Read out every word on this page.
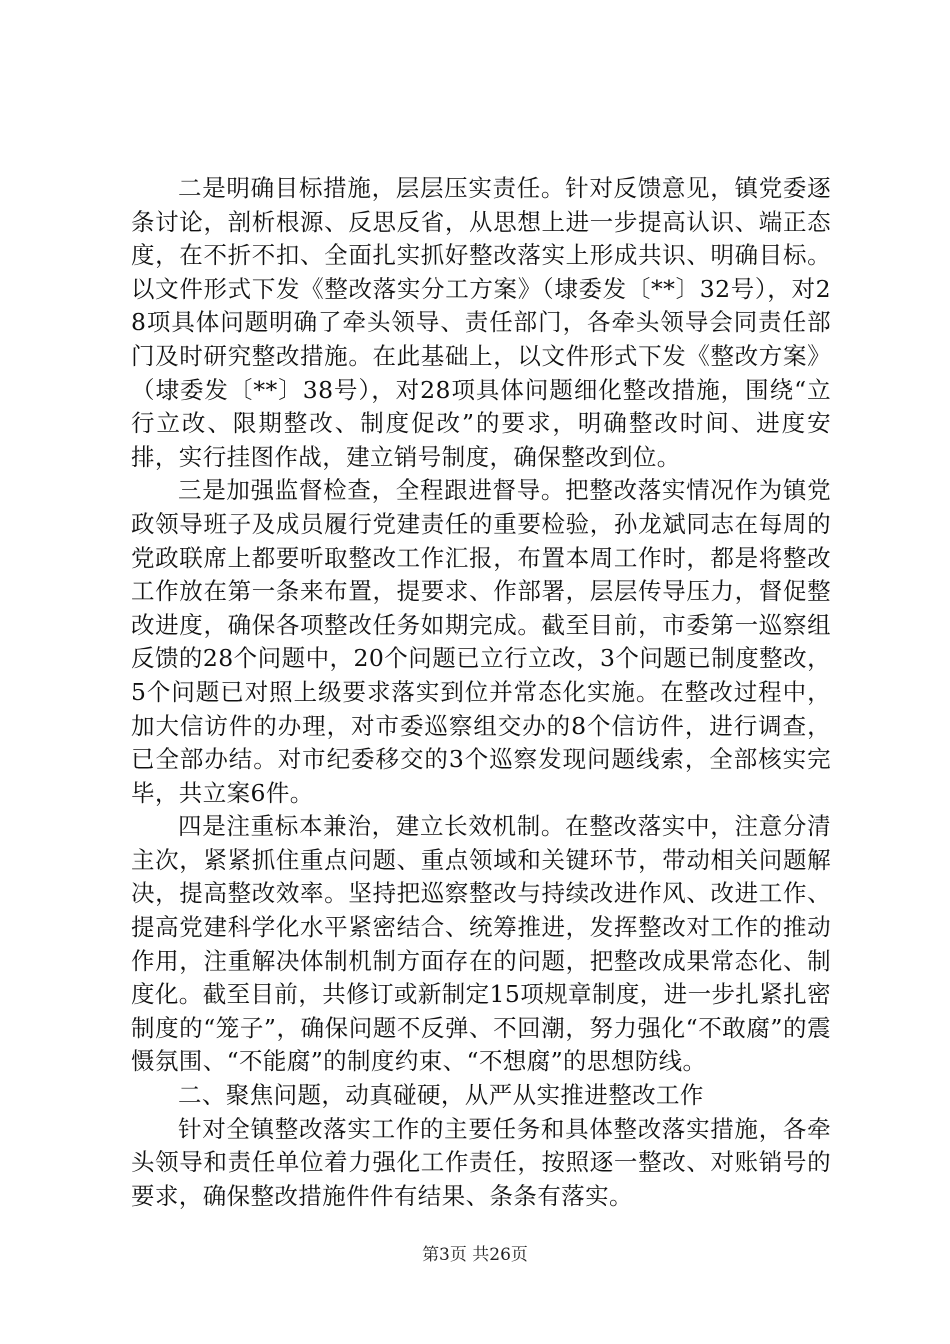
二是明确目标措施，层层压实责任。针对反馈意见，镇党委逐条讨论，剖析根源、反思反省，从思想上进一步提高认识、端正态度，在不折不扣、全面扎实抓好整改落实上形成共识、明确目标。以文件形式下发《整改落实分工方案》（埭委发〔**〕32号），对28项具体问题明确了牵头领导、责任部门，各牵头领导会同责任部门及时研究整改措施。在此基础上，以文件形式下发《整改方案》（埭委发〔**〕38号），对28项具体问题细化整改措施，围绕“立行立改、限期整改、制度促改”的要求，明确整改时间、进度安排，实行挂图作战，建立销号制度，确保整改到位。

三是加强监督检查，全程跟进督导。把整改落实情况作为镇党政领导班子及成员履行党建责任的重要检验，孙龙斌同志在每周的党政联席上都要听取整改工作汇报，布置本周工作时，都是将整改工作放在第一条来布置，提要求、作部署，层层传导压力，督促整改进度，确保各项整改任务如期完成。截至目前，市委第一巡察组反馈的28个问题中，20个问题已立行立改，3个问题已制度整改，5个问题已对照上级要求落实到位并常态化实施。在整改过程中，加大信访件的办理，对市委巡察组交办的8个信访件，进行调查，已全部办结。对市纪委移交的3个巡察发现问题线索，全部核实完毕，共立案6件。

四是注重标本兼治，建立长效机制。在整改落实中，注意分清主次，紧紧抓住重点问题、重点领域和关键环节，带动相关问题解决，提高整改效率。坚持把巡察整改与持续改进作风、改进工作、提高党建科学化水平紧密结合、统筹推进，发挥整改对工作的推动作用，注重解决体制机制方面存在的问题，把整改成果常态化、制度化。截至目前，共修订或新制定15项规章制度，进一步扎紧扎密制度的“笼子”，确保问题不反弹、不回潮，努力强化“不敢腐”的震慑氛围、“不能腐”的制度约束、“不想腐”的思想防线。

二、聚焦问题，动真碰硬，从严从实推进整改工作

针对全镇整改落实工作的主要任务和具体整改落实措施，各牵头领导和责任单位着力强化工作责任，按照逐一整改、对账销号的要求，确保整改措施件件有结果、条条有落实。

第3页 共26页
